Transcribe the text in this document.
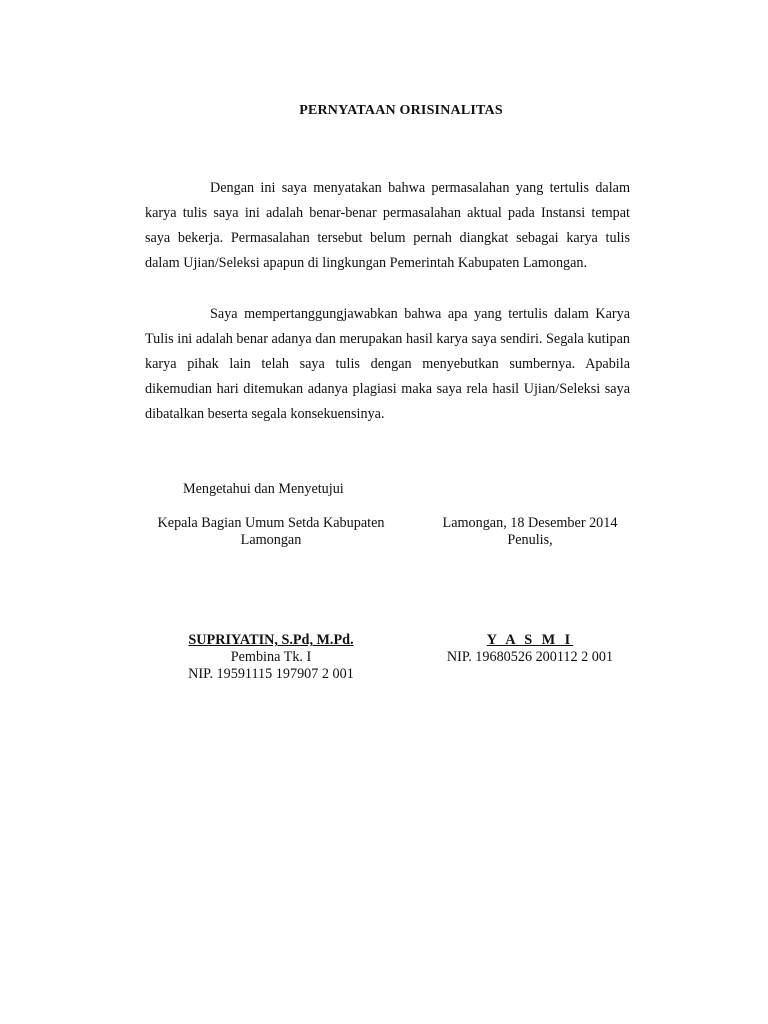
PERNYATAAN ORISINALITAS

Dengan ini saya menyatakan bahwa permasalahan yang tertulis dalam karya tulis saya ini adalah benar-benar permasalahan aktual pada Instansi tempat saya bekerja. Permasalahan tersebut belum pernah diangkat sebagai karya tulis dalam Ujian/Seleksi apapun di lingkungan Pemerintah Kabupaten Lamongan.

Saya mempertanggungjawabkan bahwa apa yang tertulis dalam Karya Tulis ini adalah benar adanya dan merupakan hasil karya saya sendiri. Segala kutipan karya pihak lain telah saya tulis dengan menyebutkan sumbernya. Apabila dikemudian hari ditemukan adanya plagiasi maka saya rela hasil Ujian/Seleksi saya dibatalkan beserta segala konsekuensinya.

Mengetahui dan Menyetujui
Kepala Bagian Umum Setda Kabupaten
Lamongan
Lamongan, 18 Desember 2014
Penulis,
SUPRIYATIN, S.Pd, M.Pd.
Pembina Tk. I
NIP. 19591115 197907 2 001
Y A S M I
NIP. 19680526 200112 2 001
